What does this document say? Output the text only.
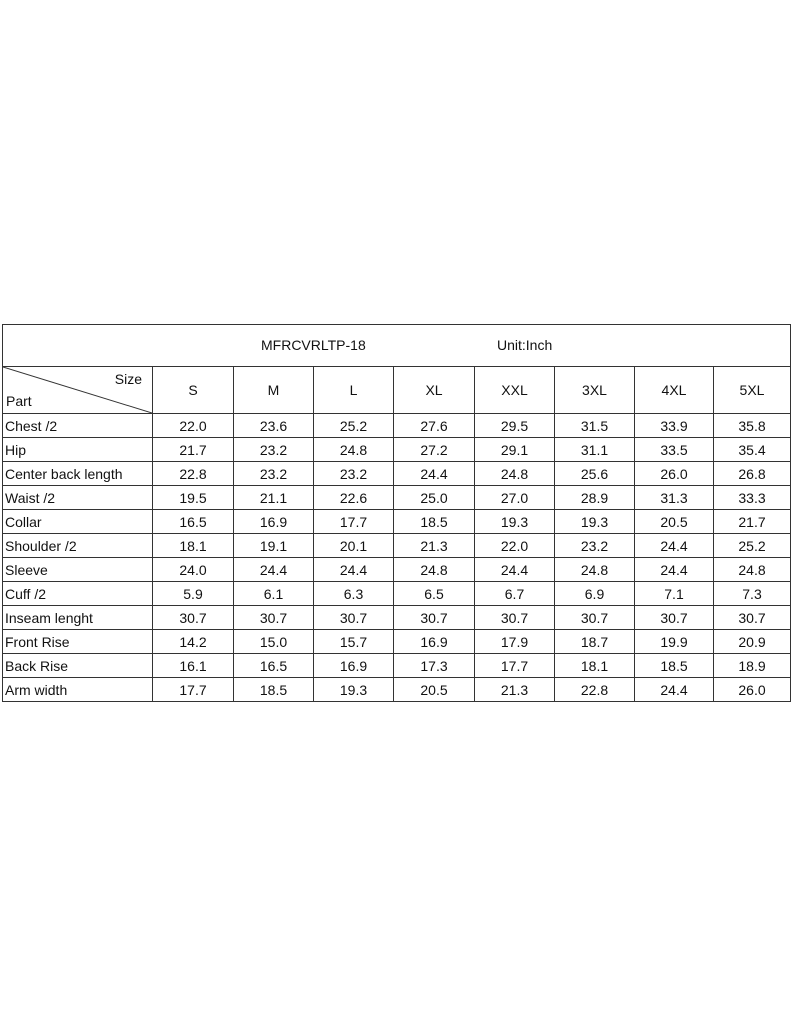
MFRCVRLTP-18 Unit:Inch								

Size
Part	S	M	L	XL	XXL	3XL	4XL	5XL
Chest /2	22.0	23.6	25.2	27.6	29.5	31.5	33.9	35.8
Hip	21.7	23.2	24.8	27.2	29.1	31.1	33.5	35.4
Center back length	22.8	23.2	23.2	24.4	24.8	25.6	26.0	26.8
Waist /2	19.5	21.1	22.6	25.0	27.0	28.9	31.3	33.3
Collar	16.5	16.9	17.7	18.5	19.3	19.3	20.5	21.7
Shoulder /2	18.1	19.1	20.1	21.3	22.0	23.2	24.4	25.2
Sleeve	24.0	24.4	24.4	24.8	24.4	24.8	24.4	24.8
Cuff /2	5.9	6.1	6.3	6.5	6.7	6.9	7.1	7.3
Inseam lenght	30.7	30.7	30.7	30.7	30.7	30.7	30.7	30.7
Front Rise	14.2	15.0	15.7	16.9	17.9	18.7	19.9	20.9
Back Rise	16.1	16.5	16.9	17.3	17.7	18.1	18.5	18.9
Arm width	17.7	18.5	19.3	20.5	21.3	22.8	24.4	26.0
